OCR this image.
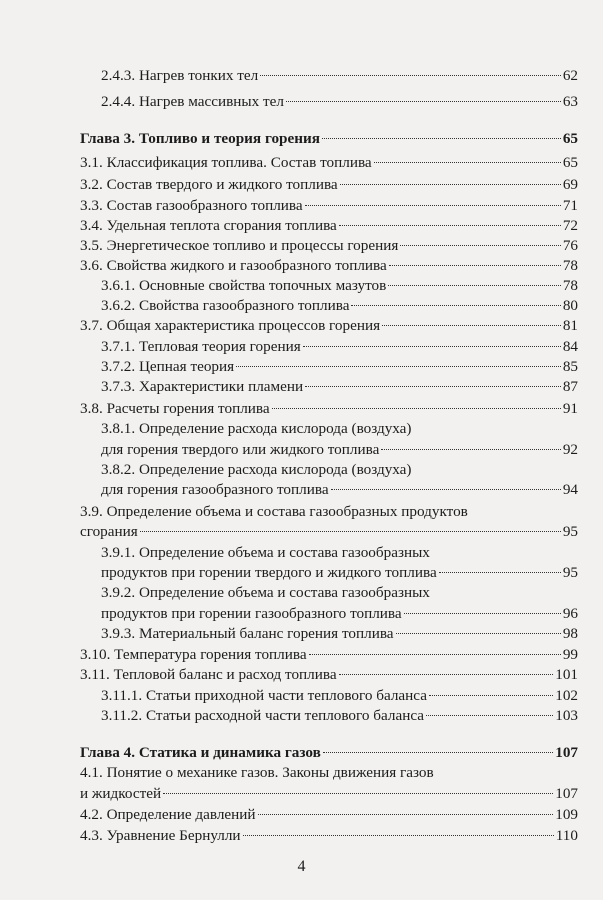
4
2.4.3. Нагрев тонких тел	62
2.4.4. Нагрев массивных тел	63
Глава 3. Топливо и теория горения	65
3.1. Классификация топлива. Состав топлива	65
3.2. Состав твердого и жидкого топлива	69
3.3. Состав газообразного топлива	71
3.4. Удельная теплота сгорания топлива	72
3.5. Энергетическое топливо и процессы горения	76
3.6. Свойства жидкого и газообразного топлива	78
3.6.1. Основные свойства топочных мазутов	78
3.6.2. Свойства газообразного топлива	80
3.7. Общая характеристика процессов горения	81
3.7.1. Тепловая теория горения	84
3.7.2. Цепная теория	85
3.7.3. Характеристики пламени	87
3.8. Расчеты горения топлива	91
3.8.1. Определение расхода кислорода (воздуха)
для горения твердого или жидкого топлива	92
3.8.2. Определение расхода кислорода (воздуха)
для горения газообразного топлива	94
3.9. Определение объема и состава газообразных продуктов
сгорания	95
3.9.1. Определение объема и состава газообразных
продуктов при горении твердого и жидкого топлива	95
3.9.2. Определение объема и состава газообразных
продуктов при горении газообразного топлива	96
3.9.3. Материальный баланс горения топлива	98
3.10. Температура горения топлива	99
3.11. Тепловой баланс и расход топлива	101
3.11.1. Статьи приходной части теплового баланса	102
3.11.2. Статьи расходной части теплового баланса	103
Глава 4. Статика и динамика газов	107
4.1. Понятие о механике газов. Законы движения газов
и жидкостей	107
4.2. Определение давлений	109
4.3. Уравнение Бернулли	110
